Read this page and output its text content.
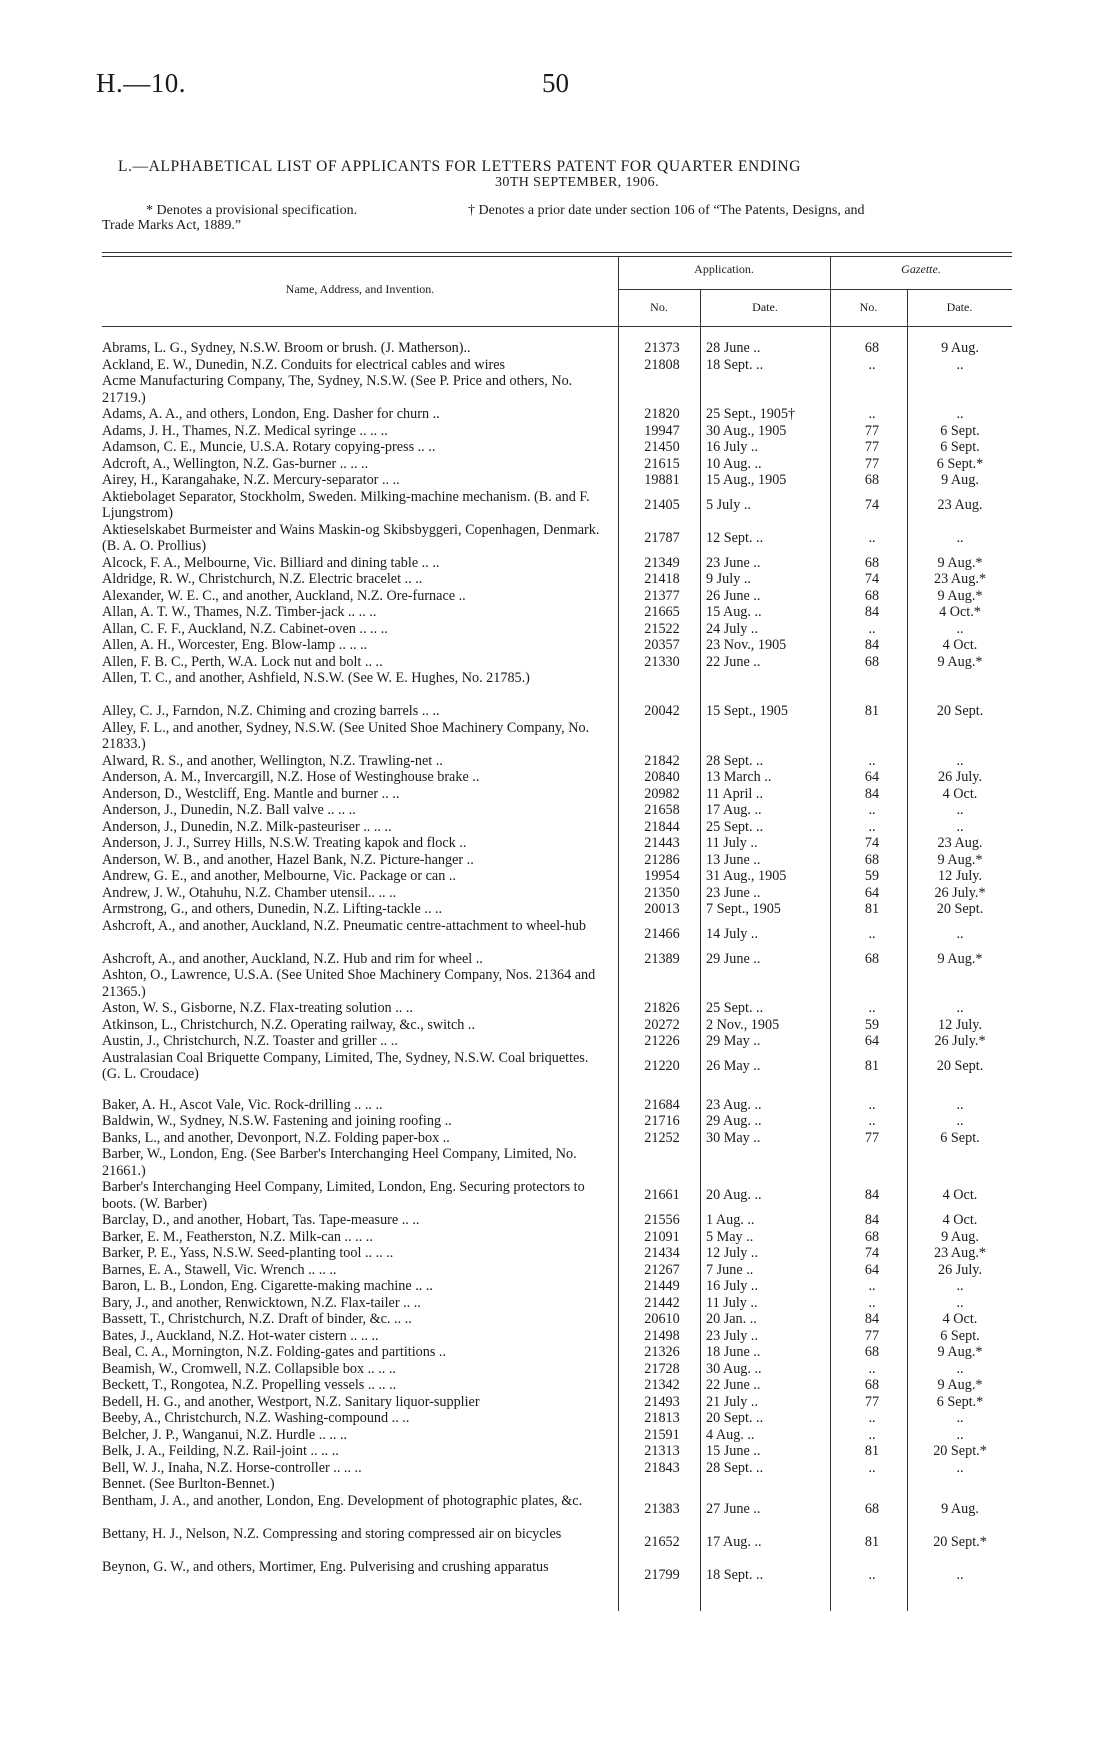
H.—10.	50
L.—ALPHABETICAL LIST OF APPLICANTS FOR LETTERS PATENT FOR QUARTER ENDING
30TH SEPTEMBER, 1906.
* Denotes a provisional specification.	† Denotes a prior date under section 106 of “The Patents, Designs, and
Trade Marks Act, 1889.”
Name, Address, and Invention.
Application.	Gazette.
No.	Date.	No.	Date.
Abrams, L. G., Sydney, N.S.W. Broom or brush. (J. Matherson)..	21373	28 June ..	68	9 Aug.
Ackland, E. W., Dunedin, N.Z. Conduits for electrical cables and wires	21808	18 Sept. ..	..	..
Acme Manufacturing Company, The, Sydney, N.S.W. (See P. Price and others, No. 21719.)
Adams, A. A., and others, London, Eng. Dasher for churn ..	21820	25 Sept., 1905†	..	..
Adams, J. H., Thames, N.Z. Medical syringe .. .. ..	19947	30 Aug., 1905	77	6 Sept.
Adamson, C. E., Muncie, U.S.A. Rotary copying-press .. ..	21450	16 July ..	77	6 Sept.
Adcroft, A., Wellington, N.Z. Gas-burner .. .. ..	21615	10 Aug. ..	77	6 Sept.*
Airey, H., Karangahake, N.Z. Mercury-separator .. ..	19881	15 Aug., 1905	68	9 Aug.
Aktiebolaget Separator, Stockholm, Sweden. Milking-machine mechanism. (B. and F. Ljungstrom)
21405	5 July ..	74	23 Aug.
Aktieselskabet Burmeister and Wains Maskin-og Skibsbyggeri, Copenhagen, Denmark. (B. A. O. Prollius)
21787	12 Sept. ..	..	..
Alcock, F. A., Melbourne, Vic. Billiard and dining table .. ..	21349	23 June ..	68	9 Aug.*
Aldridge, R. W., Christchurch, N.Z. Electric bracelet .. ..	21418	9 July ..	74	23 Aug.*
Alexander, W. E. C., and another, Auckland, N.Z. Ore-furnace ..	21377	26 June ..	68	9 Aug.*
Allan, A. T. W., Thames, N.Z. Timber-jack .. .. ..	21665	15 Aug. ..	84	4 Oct.*
Allan, C. F. F., Auckland, N.Z. Cabinet-oven .. .. ..	21522	24 July ..	..	..
Allen, A. H., Worcester, Eng. Blow-lamp .. .. ..	20357	23 Nov., 1905	84	4 Oct.
Allen, F. B. C., Perth, W.A. Lock nut and bolt .. ..	21330	22 June ..	68	9 Aug.*
Allen, T. C., and another, Ashfield, N.S.W. (See W. E. Hughes, No. 21785.)
Alley, C. J., Farndon, N.Z. Chiming and crozing barrels .. ..	20042	15 Sept., 1905	81	20 Sept.
Alley, F. L., and another, Sydney, N.S.W. (See United Shoe Machinery Company, No. 21833.)
Alward, R. S., and another, Wellington, N.Z. Trawling-net ..	21842	28 Sept. ..	..	..
Anderson, A. M., Invercargill, N.Z. Hose of Westinghouse brake ..	20840	13 March ..	64	26 July.
Anderson, D., Westcliff, Eng. Mantle and burner .. ..	20982	11 April ..	84	4 Oct.
Anderson, J., Dunedin, N.Z. Ball valve .. .. ..	21658	17 Aug. ..	..	..
Anderson, J., Dunedin, N.Z. Milk-pasteuriser .. .. ..	21844	25 Sept. ..	..	..
Anderson, J. J., Surrey Hills, N.S.W. Treating kapok and flock ..	21443	11 July ..	74	23 Aug.
Anderson, W. B., and another, Hazel Bank, N.Z. Picture-hanger ..	21286	13 June ..	68	9 Aug.*
Andrew, G. E., and another, Melbourne, Vic. Package or can ..	19954	31 Aug., 1905	59	12 July.
Andrew, J. W., Otahuhu, N.Z. Chamber utensil.. .. ..	21350	23 June ..	64	26 July.*
Armstrong, G., and others, Dunedin, N.Z. Lifting-tackle .. ..	20013	7 Sept., 1905	81	20 Sept.
Ashcroft, A., and another, Auckland, N.Z. Pneumatic centre-attachment to wheel-hub
21466	14 July ..	..	..
Ashcroft, A., and another, Auckland, N.Z. Hub and rim for wheel ..	21389	29 June ..	68	9 Aug.*
Ashton, O., Lawrence, U.S.A. (See United Shoe Machinery Company, Nos. 21364 and 21365.)
Aston, W. S., Gisborne, N.Z. Flax-treating solution .. ..	21826	25 Sept. ..	..	..
Atkinson, L., Christchurch, N.Z. Operating railway, &c., switch ..	20272	2 Nov., 1905	59	12 July.
Austin, J., Christchurch, N.Z. Toaster and griller .. ..	21226	29 May ..	64	26 July.*
Australasian Coal Briquette Company, Limited, The, Sydney, N.S.W. Coal briquettes. (G. L. Croudace)
21220	26 May ..	81	20 Sept.
Baker, A. H., Ascot Vale, Vic. Rock-drilling .. .. ..	21684	23 Aug. ..	..	..
Baldwin, W., Sydney, N.S.W. Fastening and joining roofing ..	21716	29 Aug. ..	..	..
Banks, L., and another, Devonport, N.Z. Folding paper-box ..	21252	30 May ..	77	6 Sept.
Barber, W., London, Eng. (See Barber's Interchanging Heel Company, Limited, No. 21661.)
Barber's Interchanging Heel Company, Limited, London, Eng. Securing protectors to boots. (W. Barber)
21661	20 Aug. ..	84	4 Oct.
Barclay, D., and another, Hobart, Tas. Tape-measure .. ..	21556	1 Aug. ..	84	4 Oct.
Barker, E. M., Featherston, N.Z. Milk-can .. .. ..	21091	5 May ..	68	9 Aug.
Barker, P. E., Yass, N.S.W. Seed-planting tool .. .. ..	21434	12 July ..	74	23 Aug.*
Barnes, E. A., Stawell, Vic. Wrench .. .. ..	21267	7 June ..	64	26 July.
Baron, L. B., London, Eng. Cigarette-making machine .. ..	21449	16 July ..	..	..
Bary, J., and another, Renwicktown, N.Z. Flax-tailer .. ..	21442	11 July ..	..	..
Bassett, T., Christchurch, N.Z. Draft of binder, &c. .. ..	20610	20 Jan. ..	84	4 Oct.
Bates, J., Auckland, N.Z. Hot-water cistern .. .. ..	21498	23 July ..	77	6 Sept.
Beal, C. A., Mornington, N.Z. Folding-gates and partitions ..	21326	18 June ..	68	9 Aug.*
Beamish, W., Cromwell, N.Z. Collapsible box .. .. ..	21728	30 Aug. ..	..	..
Beckett, T., Rongotea, N.Z. Propelling vessels .. .. ..	21342	22 June ..	68	9 Aug.*
Bedell, H. G., and another, Westport, N.Z. Sanitary liquor-supplier	21493	21 July ..	77	6 Sept.*
Beeby, A., Christchurch, N.Z. Washing-compound .. ..	21813	20 Sept. ..	..	..
Belcher, J. P., Wanganui, N.Z. Hurdle .. .. ..	21591	4 Aug. ..	..	..
Belk, J. A., Feilding, N.Z. Rail-joint .. .. ..	21313	15 June ..	81	20 Sept.*
Bell, W. J., Inaha, N.Z. Horse-controller .. .. ..	21843	28 Sept. ..	..	..
Bennet. (See Burlton-Bennet.)
Bentham, J. A., and another, London, Eng. Development of photographic plates, &c.
21383	27 June ..	68	9 Aug.
Bettany, H. J., Nelson, N.Z. Compressing and storing compressed air on bicycles
21652	17 Aug. ..	81	20 Sept.*
Beynon, G. W., and others, Mortimer, Eng. Pulverising and crushing apparatus
21799	18 Sept. ..	..	..
